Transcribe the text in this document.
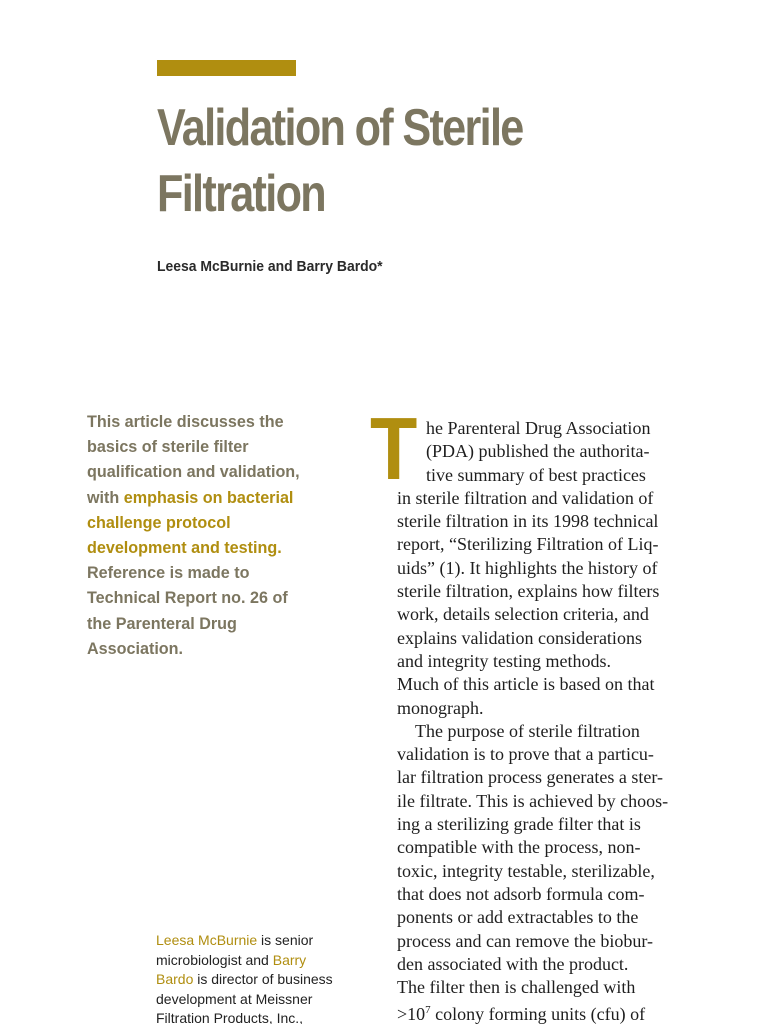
Validation of Sterile
Filtration
Leesa McBurnie and Barry Bardo*
This article discusses the
basics of sterile filter
qualification and validation,
with emphasis on bacterial
challenge protocol
development and testing.
Reference is made to
Technical Report no. 26 of
the Parenteral Drug
Association.
Leesa McBurnie is senior
microbiologist and Barry
Bardo is director of business
development at Meissner
Filtration Products, Inc.,
T he Parenteral Drug Association
(PDA) published the authorita-
tive summary of best practices
in sterile filtration and validation of
sterile filtration in its 1998 technical
report, “Sterilizing Filtration of Liq-
uids” (1). It highlights the history of
sterile filtration, explains how filters
work, details selection criteria, and
explains validation considerations
and integrity testing methods.
Much of this article is based on that
monograph.
The purpose of sterile filtration
validation is to prove that a particu-
lar filtration process generates a ster-
ile filtrate. This is achieved by choos-
ing a sterilizing grade filter that is
compatible with the process, non-
toxic, integrity testable, sterilizable,
that does not adsorb formula com-
ponents or add extractables to the
process and can remove the biobur-
den associated with the product.
The filter then is challenged with
$>10^7$ colony forming units (cfu) of
